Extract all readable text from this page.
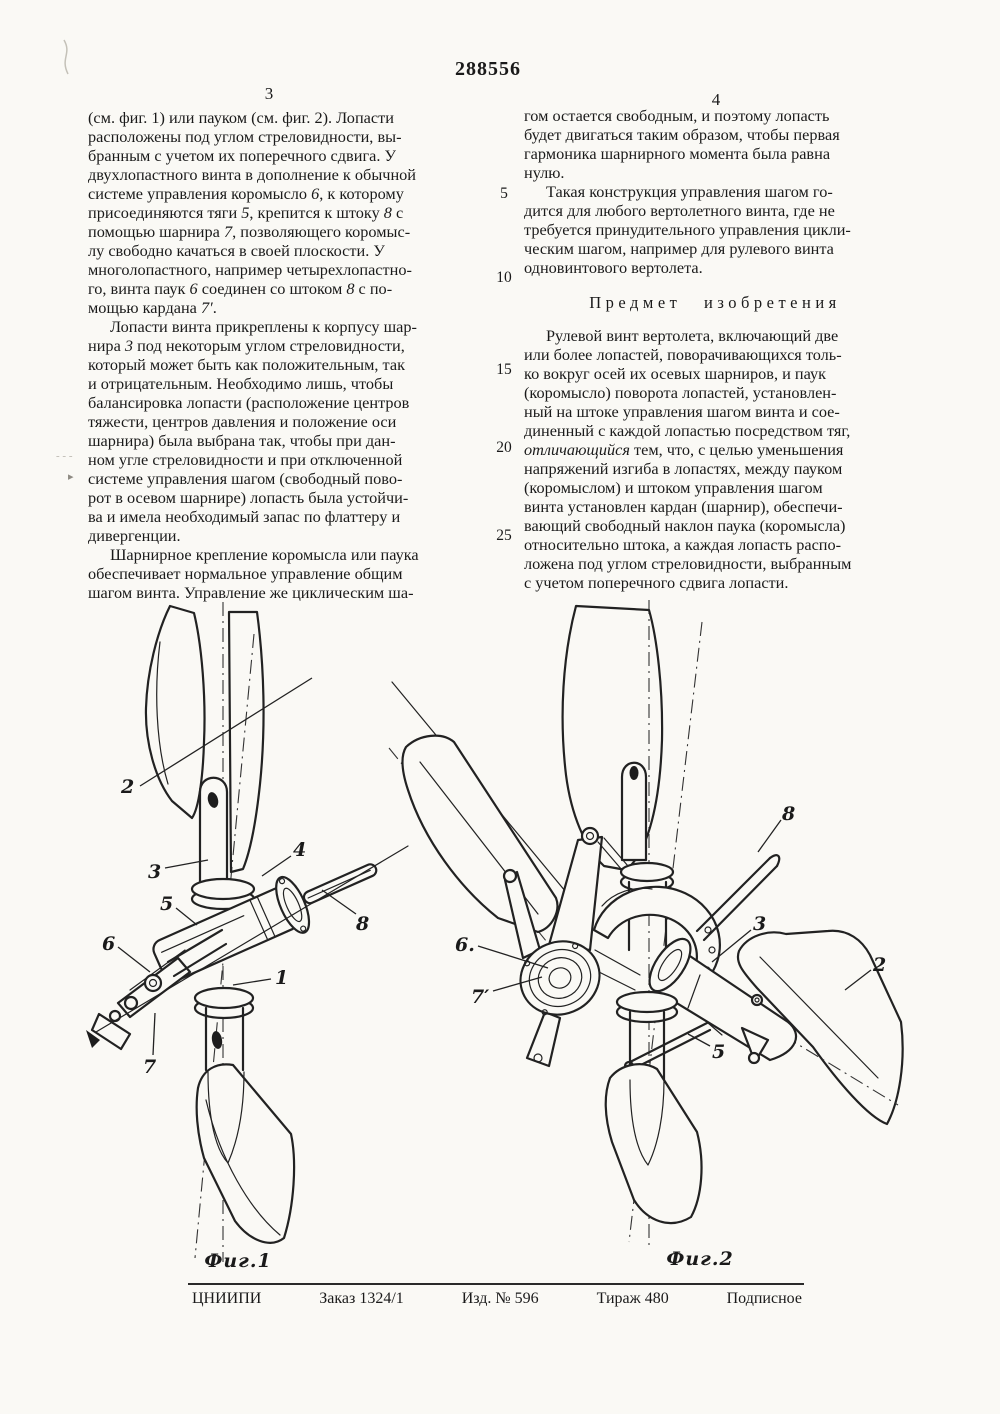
288556
3	4
- - -
▸
(см. фиг. 1) или пауком (см. фиг. 2). Лопасти
расположены под углом стреловидности, вы-
бранным с учетом их поперечного сдвига. У
двухлопастного винта в дополнение к обычной
системе управления коромысло 6, к которому
присоединяются тяги 5, крепится к штоку 8 с
помощью шарнира 7, позволяющего коромыс-
лу свободно качаться в своей плоскости. У
многолопастного, например четырехлопастно-
го, винта паук 6 соединен со штоком 8 с по-
мощью кардана 7′.
Лопасти винта прикреплены к корпусу шар-
нира 3 под некоторым углом стреловидности,
который может быть как положительным, так
и отрицательным. Необходимо лишь, чтобы
балансировка лопасти (расположение центров
тяжести, центров давления и положение оси
шарнира) была выбрана так, чтобы при дан-
ном угле стреловидности и при отключенной
системе управления шагом (свободный пово-
рот в осевом шарнире) лопасть была устойчи-
ва и имела необходимый запас по флаттеру и
дивергенции.
Шарнирное крепление коромысла или паука
обеспечивает нормальное управление общим
шагом винта. Управление же циклическим ша-
5
10
15
20
25
гом остается свободным, и поэтому лопасть
будет двигаться таким образом, чтобы первая
гармоника шарнирного момента была равна
нулю.
Такая конструкция управления шагом го-
дится для любого вертолетного винта, где не
требуется принудительного управления цикли-
ческим шагом, например для рулевого винта
одновинтового вертолета.
Предмет изобретения
Рулевой винт вертолета, включающий две
или более лопастей, поворачивающихся толь-
ко вокруг осей их осевых шарниров, и паук
(коромысло) поворота лопастей, установлен-
ный на штоке управления шагом винта и сое-
диненный с каждой лопастью посредством тяг,
отличающийся тем, что, с целью уменьшения
напряжений изгиба в лопастях, между пауком
(коромыслом) и штоком управления шагом
винта установлен кардан (шарнир), обеспечи-
вающий свободный наклон паука (коромысла)
относительно штока, а каждая лопасть распо-
ложена под углом стреловидности, выбранным
с учетом поперечного сдвига лопасти.
2
3
4
5
8
6
7
1
8
2
3
5
6.
7′
Фиг.1	Фиг.2
ЦНИИПИ	Заказ 1324/1	Изд. № 596	Тираж 480	Подписное
